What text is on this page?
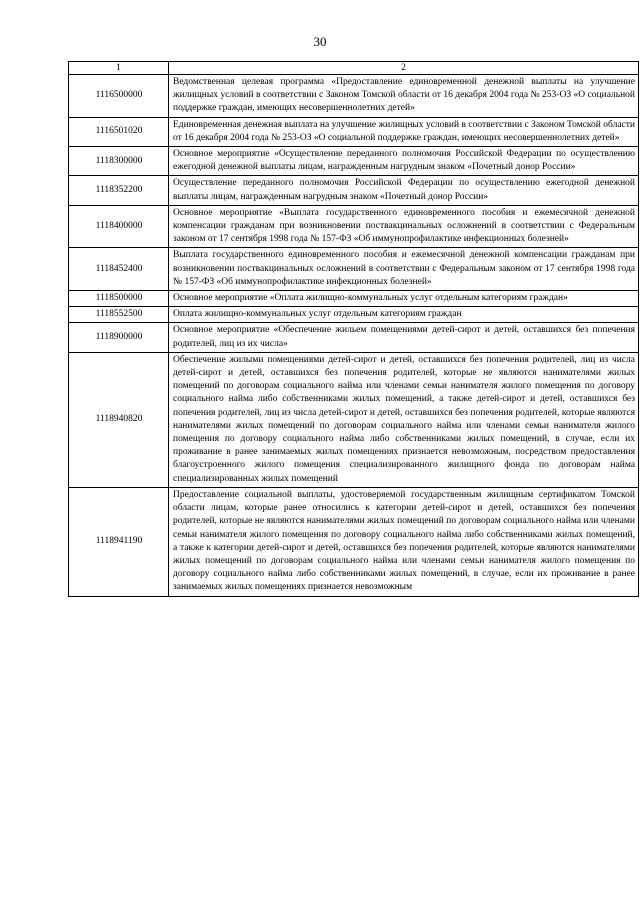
30
1	2
1116500000	Ведомственная целевая программа «Предоставление единовременной денежной выплаты на улучшение жилищных условий в соответствии с Законом Томской области от 16 декабря 2004 года № 253-ОЗ «О социальной поддержке граждан, имеющих несовершеннолетних детей»
1116501020	Единовременная денежная выплата на улучшение жилищных условий в соответствии с Законом Томской области от 16 декабря 2004 года № 253-ОЗ «О социальной поддержке граждан, имеющих несовершеннолетних детей»
1118300000	Основное мероприятие «Осуществление переданного полномочия Российской Федерации по осуществлению ежегодной денежной выплаты лицам, награжденным нагрудным знаком «Почетный донор России»
1118352200	Осуществление переданного полномочия Российской Федерации по осуществлению ежегодной денежной выплаты лицам, награжденным нагрудным знаком «Почетный донор России»
1118400000	Основное мероприятие «Выплата государственного единовременного пособия и ежемесячной денежной компенсации гражданам при возникновении поствакцинальных осложнений в соответствии с Федеральным законом от 17 сентября 1998 года № 157-ФЗ «Об иммунопрофилактике инфекционных болезней»
1118452400	Выплата государственного единовременного пособия и ежемесячной денежной компенсации гражданам при возникновении поствакцинальных осложнений в соответствии с Федеральным законом от 17 сентября 1998 года № 157-ФЗ «Об иммунопрофилактике инфекционных болезней»
1118500000	Основное мероприятие «Оплата жилищно-коммунальных услуг отдельным категориям граждан»
1118552500	Оплата жилищно-коммунальных услуг отдельным категориям граждан
1118900000	Основное мероприятие «Обеспечение жильем помещениями детей-сирот и детей, оставшихся без попечения родителей, лиц из их числа»
1118940820	Обеспечение жилыми помещениями детей-сирот и детей, оставшихся без попечения родителей, лиц из числа детей-сирот и детей, оставшихся без попечения родителей, которые не являются нанимателями жилых помещений по договорам социального найма или членами семьи нанимателя жилого помещения по договору социального найма либо собственниками жилых помещений, а также детей-сирот и детей, оставшихся без попечения родителей, лиц из числа детей-сирот и детей, оставшихся без попечения родителей, которые являются нанимателями жилых помещений по договорам социального найма или членами семьи нанимателя жилого помещения по договору социального найма либо собственниками жилых помещений, в случае, если их проживание в ранее занимаемых жилых помещениях признается невозможным, посредством предоставления благоустроенного жилого помещения специализированного жилищного фонда по договорам найма специализированных жилых помещений
1118941190	Предоставление социальной выплаты, удостоверяемой государственным жилищным сертификатом Томской области лицам, которые ранее относились к категории детей-сирот и детей, оставшихся без попечения родителей, которые не являются нанимателями жилых помещений по договорам социального найма или членами семьи нанимателя жилого помещения по договору социального найма либо собственниками жилых помещений, а также к категории детей-сирот и детей, оставшихся без попечения родителей, которые являются нанимателями жилых помещений по договорам социального найма или членами семьи нанимателя жилого помещения по договору социального найма либо собственниками жилых помещений, в случае, если их проживание в ранее занимаемых жилых помещениях признается невозможным
